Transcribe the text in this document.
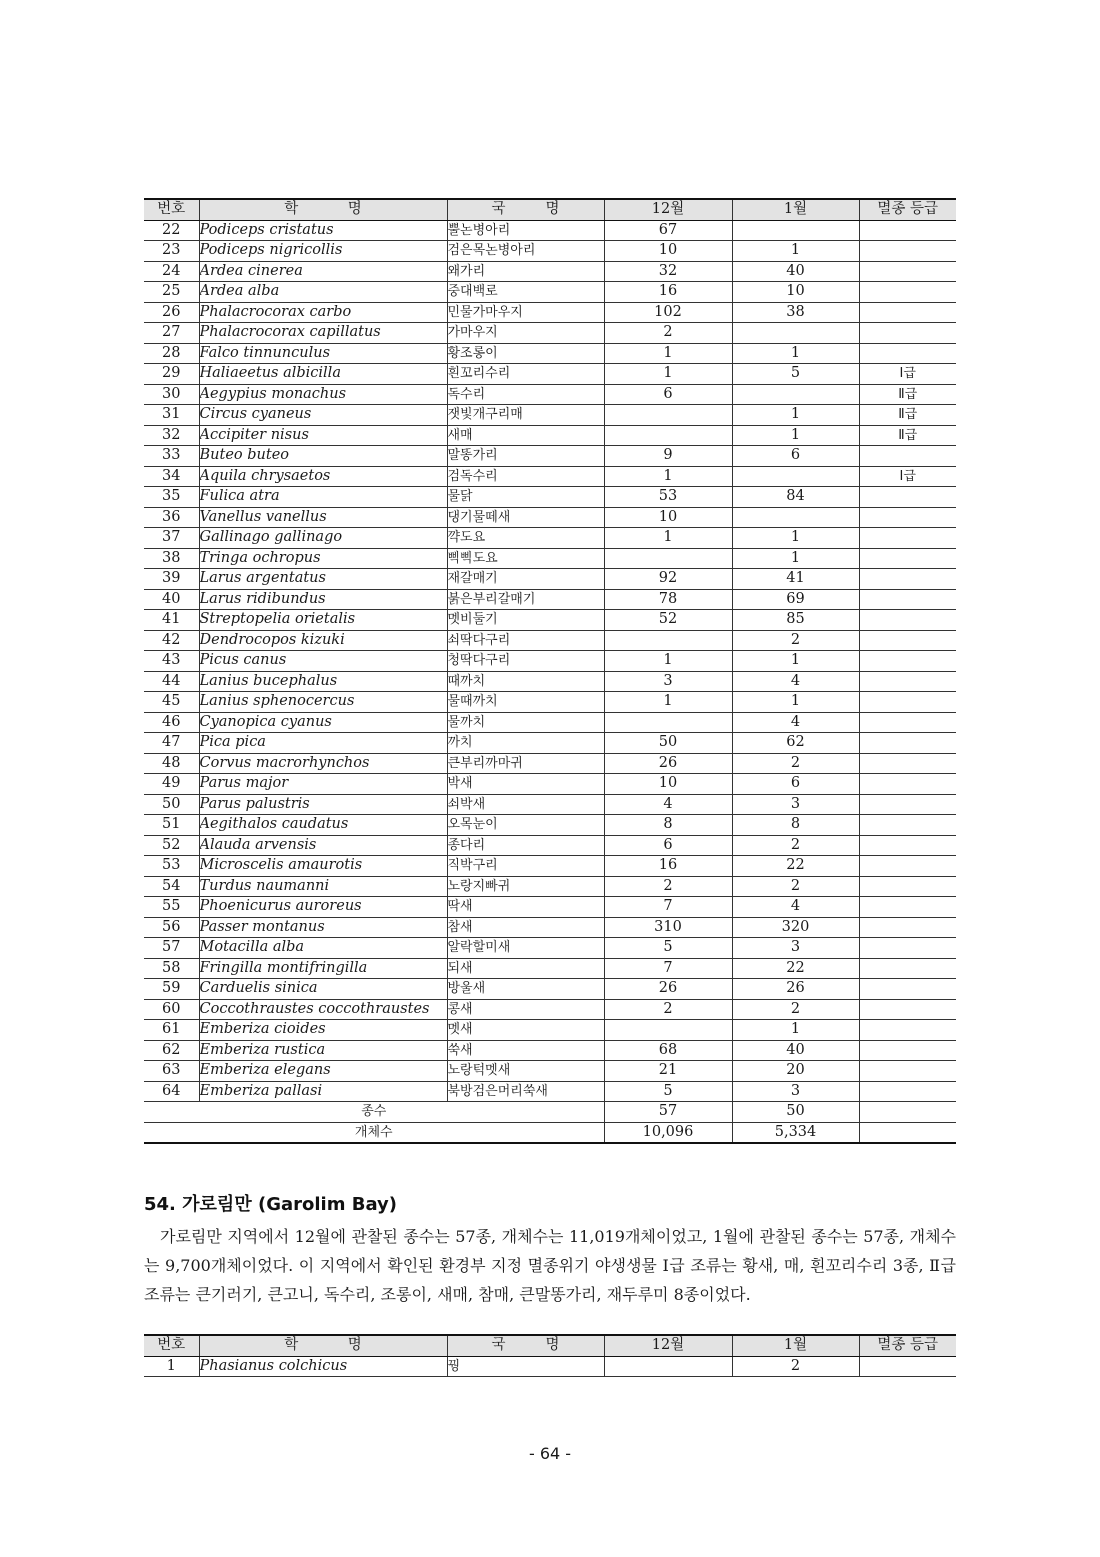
번호	학 명	국 명	12월	1월	멸종 등급
22	Podiceps cristatus	뿔논병아리	67		
23	Podiceps nigricollis	검은목논병아리	10	1	
24	Ardea cinerea	왜가리	32	40	
25	Ardea alba	중대백로	16	10	
26	Phalacrocorax carbo	민물가마우지	102	38	
27	Phalacrocorax capillatus	가마우지	2		
28	Falco tinnunculus	황조롱이	1	1	
29	Haliaeetus albicilla	흰꼬리수리	1	5	Ⅰ급
30	Aegypius monachus	독수리	6		Ⅱ급
31	Circus cyaneus	잿빛개구리매		1	Ⅱ급
32	Accipiter nisus	새매		1	Ⅱ급
33	Buteo buteo	말똥가리	9	6	
34	Aquila chrysaetos	검독수리	1		Ⅰ급
35	Fulica atra	물닭	53	84	
36	Vanellus vanellus	댕기물떼새	10		
37	Gallinago gallinago	꺅도요	1	1	
38	Tringa ochropus	삑삑도요		1	
39	Larus argentatus	재갈매기	92	41	
40	Larus ridibundus	붉은부리갈매기	78	69	
41	Streptopelia orietalis	멧비둘기	52	85	
42	Dendrocopos kizuki	쇠딱다구리		2	
43	Picus canus	청딱다구리	1	1	
44	Lanius bucephalus	때까치	3	4	
45	Lanius sphenocercus	물때까치	1	1	
46	Cyanopica cyanus	물까치		4	
47	Pica pica	까치	50	62	
48	Corvus macrorhynchos	큰부리까마귀	26	2	
49	Parus major	박새	10	6	
50	Parus palustris	쇠박새	4	3	
51	Aegithalos caudatus	오목눈이	8	8	
52	Alauda arvensis	종다리	6	2	
53	Microscelis amaurotis	직박구리	16	22	
54	Turdus naumanni	노랑지빠귀	2	2	
55	Phoenicurus auroreus	딱새	7	4	
56	Passer montanus	참새	310	320	
57	Motacilla alba	알락할미새	5	3	
58	Fringilla montifringilla	되새	7	22	
59	Carduelis sinica	방울새	26	26	
60	Coccothraustes coccothraustes	콩새	2	2	
61	Emberiza cioides	멧새		1	
62	Emberiza rustica	쑥새	68	40	
63	Emberiza elegans	노랑턱멧새	21	20	
64	Emberiza pallasi	북방검은머리쑥새	5	3	
종수			57	50	
개체수			10,096	5,334	
54. 가로림만 (Garolim Bay)

가로림만 지역에서 12월에 관찰된 종수는 57종, 개체수는 11,019개체이었고, 1월에 관찰된 종수는 57종, 개체수는 9,700개체이었다. 이 지역에서 확인된 환경부 지정 멸종위기 야생생물 Ⅰ급 조류는 황새, 매, 흰꼬리수리 3종, Ⅱ급 조류는 큰기러기, 큰고니, 독수리, 조롱이, 새매, 참매, 큰말똥가리, 재두루미 8종이었다.

번호	학 명	국 명	12월	1월	멸종 등급
1	Phasianus colchicus	꿩		2	
- 64 -
